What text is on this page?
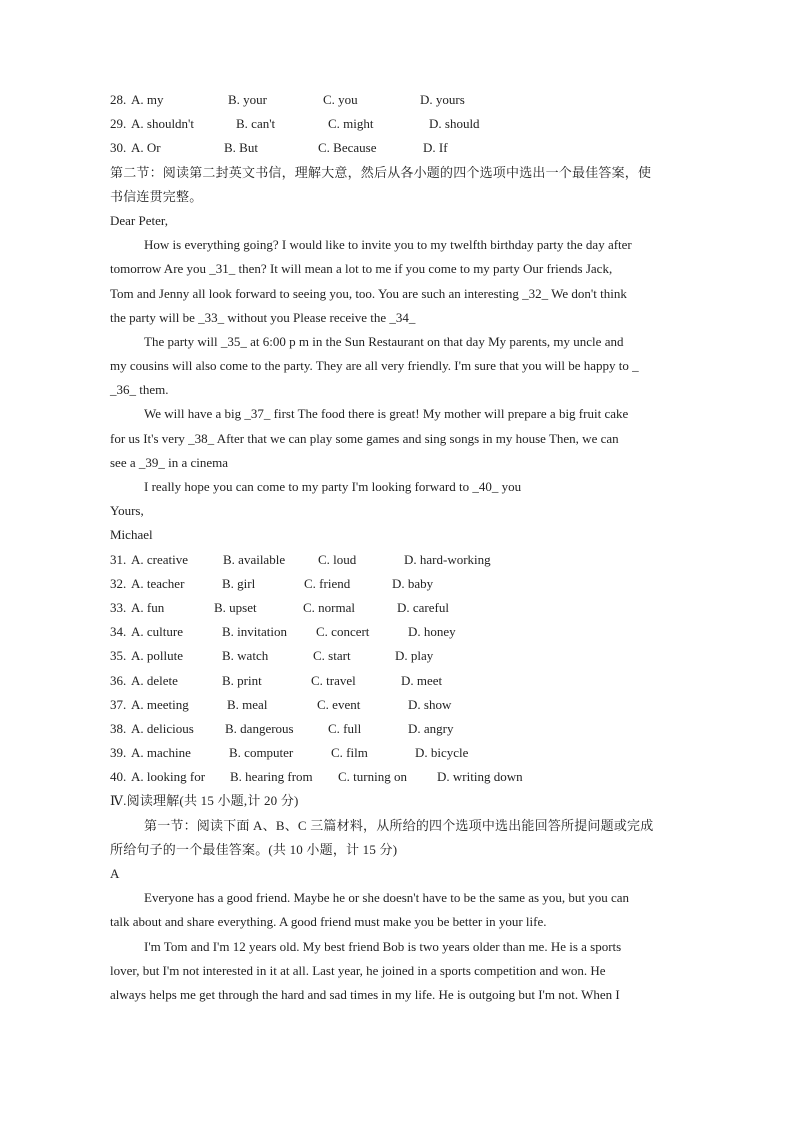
28. A. my	B. your	C. you	D. yours
29. A. shouldn't	B. can't	C. might	D. should
30. A. Or	B. But	C. Because	D. If
第二节：阅读第二封英文书信，理解大意，然后从各小题的四个选项中选出一个最佳答案，使
书信连贯完整。
Dear Peter,
How is everything going? I would like to invite you to my twelfth birthday party the day after
tomorrow Are you _31_ then? It will mean a lot to me if you come to my party Our friends Jack,
Tom and Jenny all look forward to seeing you, too. You are such an interesting _32_ We don't think
the party will be _33_ without you Please receive the _34_
The party will _35_ at 6:00 p m in the Sun Restaurant on that day My parents, my uncle and
my cousins will also come to the party. They are all very friendly. I'm sure that you will be happy to _
_36_ them.
We will have a big _37_ first The food there is great! My mother will prepare a big fruit cake
for us It's very _38_ After that we can play some games and sing songs in my house Then, we can
see a _39_ in a cinema
I really hope you can come to my party I'm looking forward to _40_ you
Yours,
Michael
31. A. creative	B. available	C. loud	D. hard-working
32. A. teacher	B. girl	C. friend	D. baby
33. A. fun	B. upset	C. normal	D. careful
34. A. culture	B. invitation C. concert	D. honey
35. A. pollute	B. watch	C. start	D. play
36. A. delete	B. print	C. travel	D. meet
37. A. meeting	B. meal	C. event	D. show
38. A. delicious B. dangerous	C. full	D. angry
39. A. machine	B. computer	C. film	D. bicycle
40. A. looking for B. hearing from C. turning on D. writing down
Ⅳ.阅读理解(共 15 小题,计 20 分)
第一节：阅读下面 A、B、C 三篇材料，从所给的四个选项中选出能回答所提问题或完成
所给句子的一个最佳答案。(共 10 小题，计 15 分)
A
Everyone has a good friend. Maybe he or she doesn't have to be the same as you, but you can
talk about and share everything. A good friend must make you be better in your life.
I'm Tom and I'm 12 years old. My best friend Bob is two years older than me. He is a sports
lover, but I'm not interested in it at all. Last year, he joined in a sports competition and won. He
always helps me get through the hard and sad times in my life. He is outgoing but I'm not. When I
